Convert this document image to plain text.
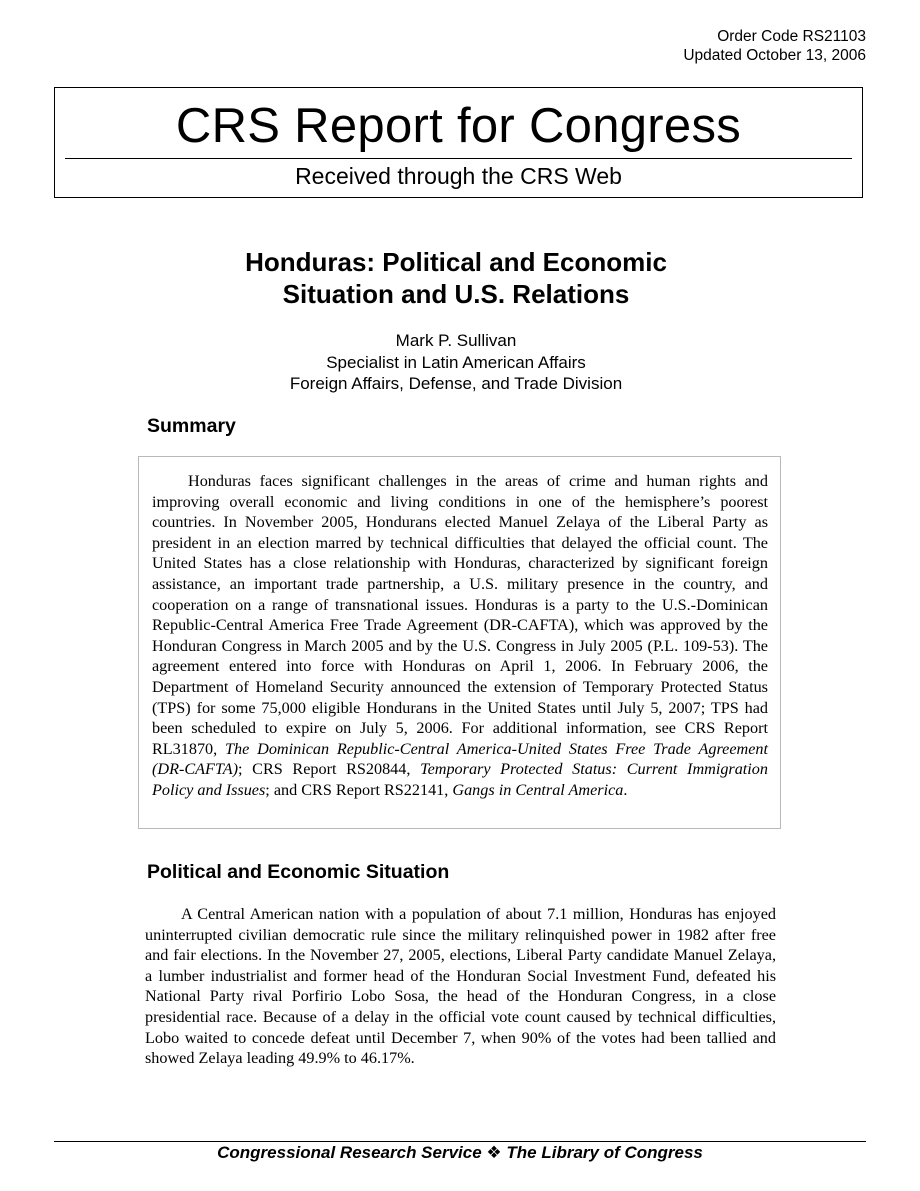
Order Code RS21103
Updated October 13, 2006
CRS Report for Congress
Received through the CRS Web
Honduras: Political and Economic
Situation and U.S. Relations
Mark P. Sullivan
Specialist in Latin American Affairs
Foreign Affairs, Defense, and Trade Division
Summary

Honduras faces significant challenges in the areas of crime and human rights and improving overall economic and living conditions in one of the hemisphere’s poorest countries. In November 2005, Hondurans elected Manuel Zelaya of the Liberal Party as president in an election marred by technical difficulties that delayed the official count. The United States has a close relationship with Honduras, characterized by significant foreign assistance, an important trade partnership, a U.S. military presence in the country, and cooperation on a range of transnational issues. Honduras is a party to the U.S.-Dominican Republic-Central America Free Trade Agreement (DR-CAFTA), which was approved by the Honduran Congress in March 2005 and by the U.S. Congress in July 2005 (P.L. 109-53). The agreement entered into force with Honduras on April 1, 2006. In February 2006, the Department of Homeland Security announced the extension of Temporary Protected Status (TPS) for some 75,000 eligible Hondurans in the United States until July 5, 2007; TPS had been scheduled to expire on July 5, 2006. For additional information, see CRS Report RL31870, The Dominican Republic-Central America-United States Free Trade Agreement (DR-CAFTA); CRS Report RS20844, Temporary Protected Status: Current Immigration Policy and Issues; and CRS Report RS22141, Gangs in Central America.

Political and Economic Situation

A Central American nation with a population of about 7.1 million, Honduras has enjoyed uninterrupted civilian democratic rule since the military relinquished power in 1982 after free and fair elections. In the November 27, 2005, elections, Liberal Party candidate Manuel Zelaya, a lumber industrialist and former head of the Honduran Social Investment Fund, defeated his National Party rival Porfirio Lobo Sosa, the head of the Honduran Congress, in a close presidential race. Because of a delay in the official vote count caused by technical difficulties, Lobo waited to concede defeat until December 7, when 90% of the votes had been tallied and showed Zelaya leading 49.9% to 46.17%.

Congressional Research Service ❖ The Library of Congress
